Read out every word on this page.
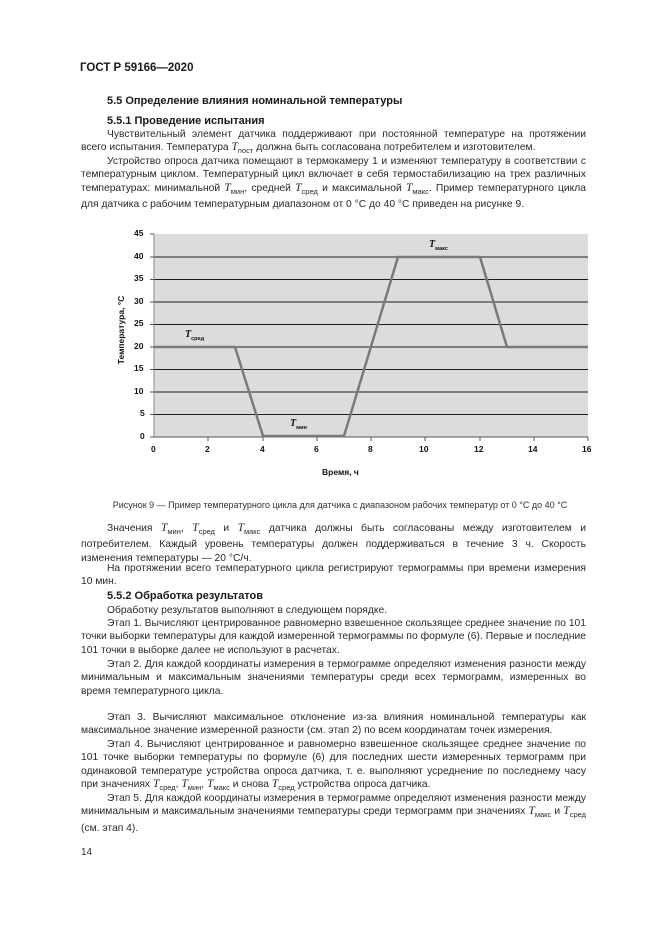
ГОСТ Р 59166—2020
5.5 Определение влияния номинальной температуры
5.5.1 Проведение испытания
Чувствительный элемент датчика поддерживают при постоянной температуре на протяжении всего испытания. Температура $T_{пост}$ должна быть согласована потребителем и изготовителем.
Устройство опроса датчика помещают в термокамеру 1 и изменяют температуру в соответствии с температурным циклом. Температурный цикл включает в себя термостабилизацию на трех различных температурах: минимальной $T_{мин}$, средней $T_{сред}$ и максимальной $T_{макс}$. Пример температурного цикла для датчика с рабочим температурным диапазоном от 0 °C до 40 °C приведен на рисунке 9.
45
40
35
30
25
20
15
10
5
0
0	2	4	6	8	10	12	14	16
Температура, °C
Время, ч
$T_{сред}$
$T_{мин}$
$T_{макс}$
Рисунок 9 — Пример температурного цикла для датчика с диапазоном рабочих температур от 0 °C до 40 °C
Значения $T_{мин}$, $T_{сред}$ и $T_{макс}$ датчика должны быть согласованы между изготовителем и потребителем. Каждый уровень температуры должен поддерживаться в течение 3 ч. Скорость изменения температуры — 20 °C/ч.
На протяжении всего температурного цикла регистрируют термограммы при времени измерения 10 мин.
5.5.2 Обработка результатов
Обработку результатов выполняют в следующем порядке.
Этап 1. Вычисляют центрированное равномерно взвешенное скользящее среднее значение по 101 точки выборки температуры для каждой измеренной термограммы по формуле (6). Первые и последние 101 точки в выборке далее не используют в расчетах.
Этап 2. Для каждой координаты измерения в термограмме определяют изменения разности между минимальным и максимальным значениями температуры среди всех термограмм, измеренных во время температурного цикла.
Этап 3. Вычисляют максимальное отклонение из-за влияния номинальной температуры как максимальное значение измеренной разности (см. этап 2) по всем координатам точек измерения.
Этап 4. Вычисляют центрированное и равномерно взвешенное скользящее среднее значение по 101 точке выборки температуры по формуле (6) для последних шести измеренных термограмм при одинаковой температуре устройства опроса датчика, т. е. выполняют усреднение по последнему часу при значениях $T_{сред}$, $T_{мин}$, $T_{макс}$ и снова $T_{сред}$ устройства опроса датчика.
Этап 5. Для каждой координаты измерения в термограмме определяют изменения разности между минимальным и максимальным значениями температуры среди термограмм при значениях $T_{макс}$ и $T_{сред}$ (см. этап 4).
14
